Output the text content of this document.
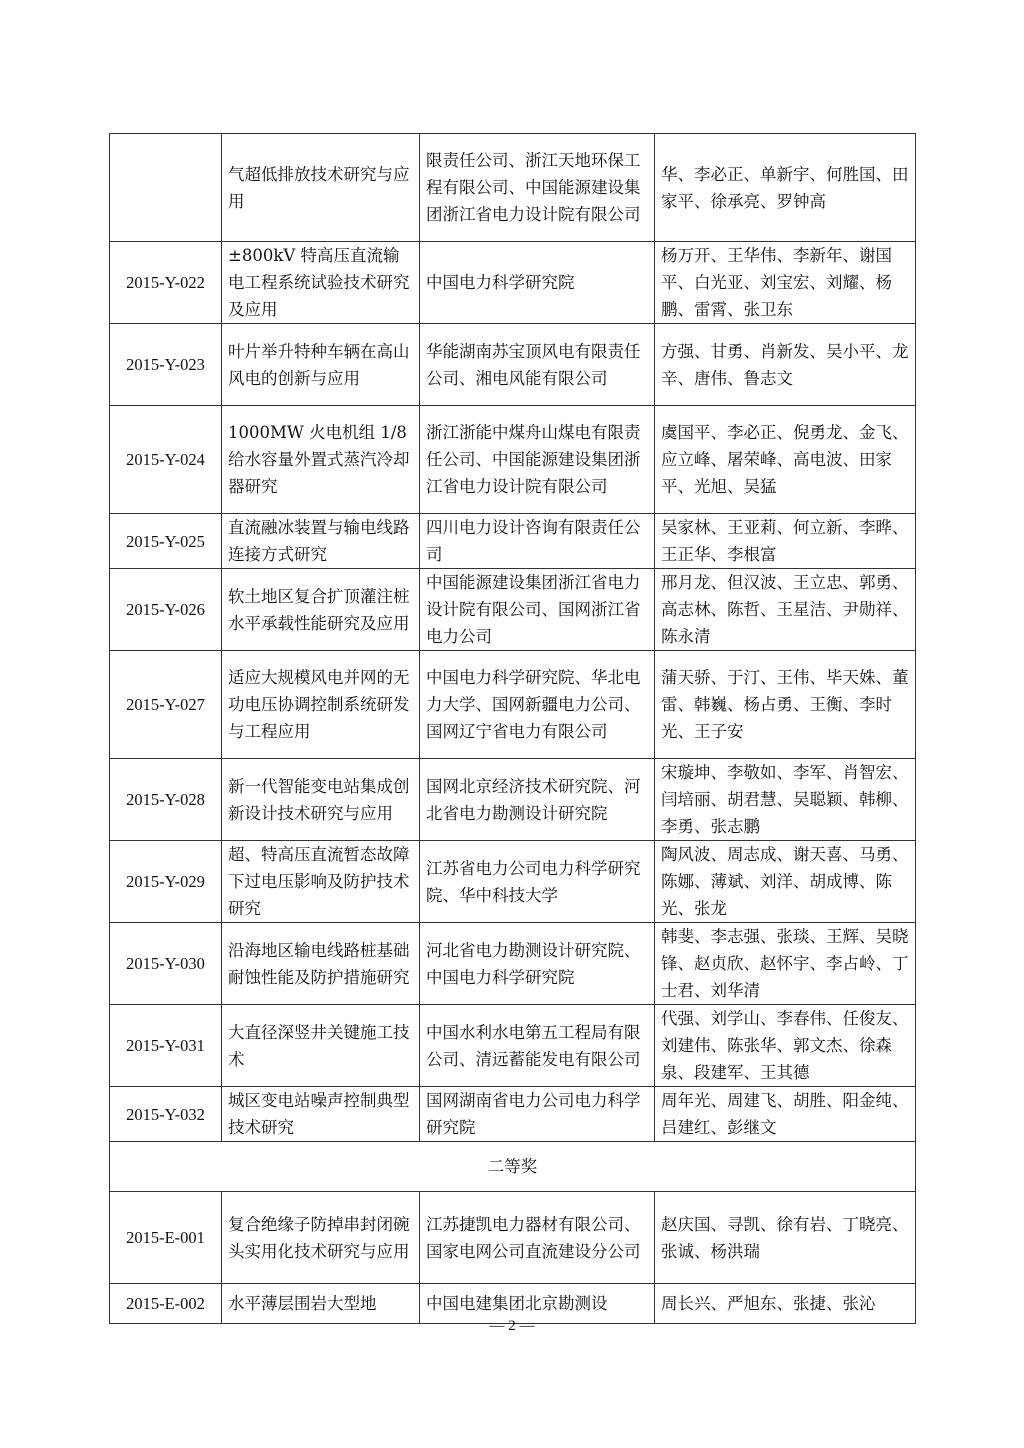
	气超低排放技术研究与应用	限责任公司、浙江天地环保工程有限公司、中国能源建设集团浙江省电力设计院有限公司	华、李必正、单新宇、何胜国、田家平、徐承亮、罗钟高

2015-Y-022	±800kV 特高压直流输电工程系统试验技术研究及应用	中国电力科学研究院	杨万开、王华伟、李新年、谢国平、白光亚、刘宝宏、刘耀、杨鹏、雷霄、张卫东

2015-Y-023	叶片举升特种车辆在高山风电的创新与应用	华能湖南苏宝顶风电有限责任公司、湘电风能有限公司	方强、甘勇、肖新发、吴小平、龙辛、唐伟、鲁志文

2015-Y-024	1000MW 火电机组 1/8 给水容量外置式蒸汽冷却器研究	浙江浙能中煤舟山煤电有限责任公司、中国能源建设集团浙江省电力设计院有限公司	虞国平、李必正、倪勇龙、金飞、应立峰、屠荣峰、高电波、田家平、光旭、吴猛

2015-Y-025	直流融冰装置与输电线路连接方式研究	四川电力设计咨询有限责任公司	吴家林、王亚莉、何立新、李晔、王正华、李根富

2015-Y-026	软土地区复合扩顶灌注桩水平承载性能研究及应用	中国能源建设集团浙江省电力设计院有限公司、国网浙江省电力公司	邢月龙、但汉波、王立忠、郭勇、高志林、陈哲、王星洁、尹勋祥、陈永清

2015-Y-027	适应大规模风电并网的无功电压协调控制系统研发与工程应用	中国电力科学研究院、华北电力大学、国网新疆电力公司、国网辽宁省电力有限公司	蒲天骄、于汀、王伟、毕天姝、董雷、韩巍、杨占勇、王衡、李时光、王子安

2015-Y-028	新一代智能变电站集成创新设计技术研究与应用	国网北京经济技术研究院、河北省电力勘测设计研究院	宋璇坤、李敬如、李军、肖智宏、闫培丽、胡君慧、吴聪颖、韩柳、李勇、张志鹏

2015-Y-029	超、特高压直流暂态故障下过电压影响及防护技术研究	江苏省电力公司电力科学研究院、华中科技大学	陶风波、周志成、谢天喜、马勇、陈娜、薄斌、刘洋、胡成博、陈光、张龙

2015-Y-030	沿海地区输电线路桩基础耐蚀性能及防护措施研究	河北省电力勘测设计研究院、中国电力科学研究院	韩斐、李志强、张琰、王辉、吴晓锋、赵贞欣、赵怀宇、李占岭、丁士君、刘华清

2015-Y-031	大直径深竖井关键施工技术	中国水利水电第五工程局有限公司、清远蓄能发电有限公司	代强、刘学山、李春伟、任俊友、刘建伟、陈张华、郭文杰、徐森泉、段建军、王其德

2015-Y-032	城区变电站噪声控制典型技术研究	国网湖南省电力公司电力科学研究院	周年光、周建飞、胡胜、阳金纯、吕建红、彭继文

二等奖			

2015-E-001	复合绝缘子防掉串封闭碗头实用化技术研究与应用	江苏捷凯电力器材有限公司、国家电网公司直流建设分公司	赵庆国、寻凯、徐有岩、丁晓亮、张诚、杨洪瑞

2015-E-002	水平薄层围岩大型地	中国电建集团北京勘测设	周长兴、严旭东、张捷、张沁
— 2 —
